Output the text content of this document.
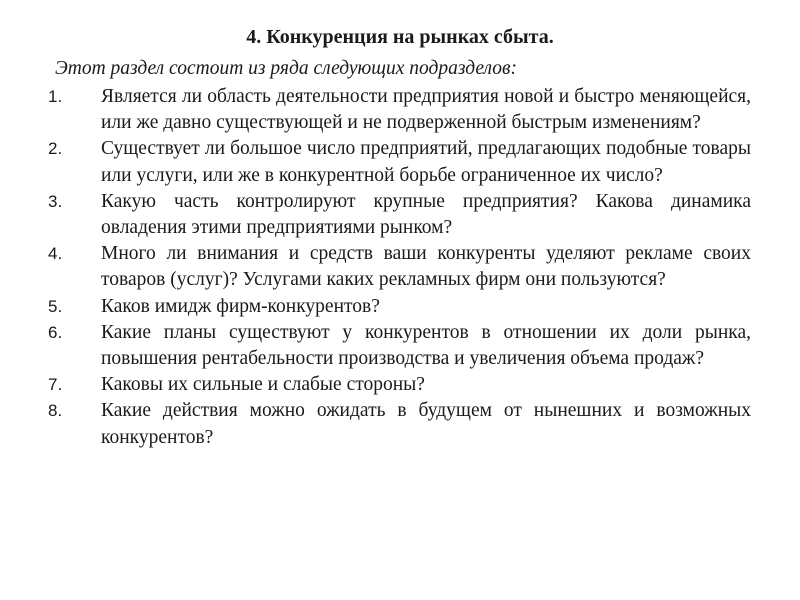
4. Конкуренция на рынках сбыта.
Этот раздел состоит из ряда следующих подразделов:
1. Является ли область деятельности предприятия новой и быстро меняющейся, или же давно существующей и не подверженной быстрым изменениям?
2. Существует ли большое число предприятий, предлагающих подобные товары или услуги, или же в конкурентной борьбе ограниченное их число?
3. Какую часть контролируют крупные предприятия? Какова динамика овладения этими предприятиями рынком?
4. Много ли внимания и средств ваши конкуренты уделяют рекламе своих товаров (услуг)? Услугами каких рекламных фирм они пользуются?
5. Каков имидж фирм-конкурентов?
6. Какие планы существуют у конкурентов в отношении их доли рынка, повышения рентабельности производства и увеличения объема продаж?
7. Каковы их сильные и слабые стороны?
8. Какие действия можно ожидать в будущем от нынешних и возможных конкурентов?
